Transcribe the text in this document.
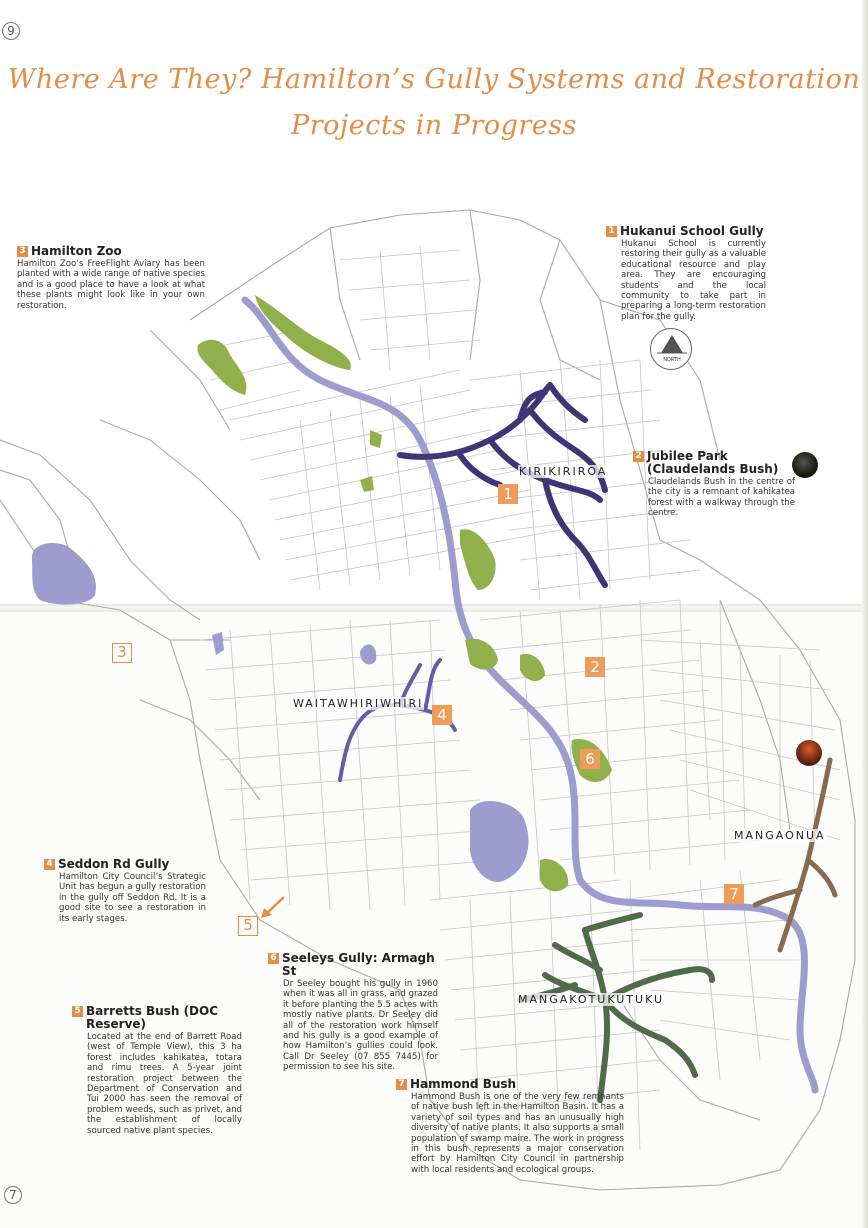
9
7
Where Are They? Hamilton’s Gully Systems and Restoration
Projects in Progress
NORTH
KIRIKIRIROA
WAITAWHIRIWHIRI
MANGAONUA
MANGAKOTUKUTUKU
1
2
3
4
5
6
7
3 Hamilton Zoo

Hamilton Zoo’s FreeFlight Aviary has been planted with a wide range of native species and is a good place to have a look at what these plants might look like in your own restoration.

1 Hukanui School Gully

Hukanui School is currently restoring their gully as a valuable educational resource and play area. They are encouraging students and the local community to take part in preparing a long-term restoration plan for the gully.

2 Jubilee Park (Claudelands Bush)

Claudelands Bush in the centre of the city is a remnant of kahikatea forest with a walkway through the centre.

4 Seddon Rd Gully

Hamilton City Council’s Strategic Unit has begun a gully restoration in the gully off Seddon Rd. It is a good site to see a restoration in its early stages.

5 Barretts Bush (DOC Reserve)

Located at the end of Barrett Road (west of Temple View), this 3 ha forest includes kahikatea, totara and rimu trees. A 5-year joint restoration project between the Department of Conservation and Tui 2000 has seen the removal of problem weeds, such as privet, and the establishment of locally sourced native plant species.

6 Seeleys Gully: Armagh St

Dr Seeley bought his gully in 1960 when it was all in grass, and grazed it before planting the 5.5 acres with mostly native plants. Dr Seeley did all of the restoration work himself and his gully is a good example of how Hamilton’s gullies could look. Call Dr Seeley (07 855 7445) for permission to see his site.

7 Hammond Bush

Hammond Bush is one of the very few remnants of native bush left in the Hamilton Basin. It has a variety of soil types and has an unusually high diversity of native plants. It also supports a small population of swamp maire. The work in progress in this bush represents a major conservation effort by Hamilton City Council in partnership with local residents and ecological groups.
